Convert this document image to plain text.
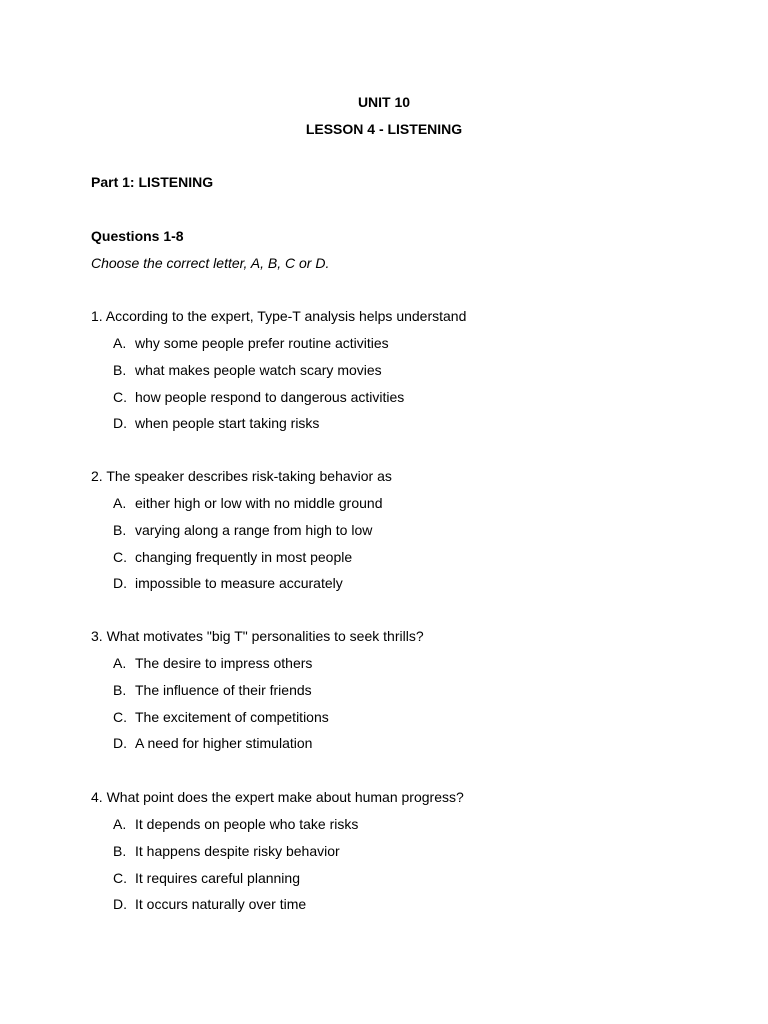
UNIT 10
LESSON 4 - LISTENING
Part 1: LISTENING
Questions 1-8
Choose the correct letter, A, B, C or D.
1. According to the expert, Type-T analysis helps understand
A. why some people prefer routine activities
B. what makes people watch scary movies
C. how people respond to dangerous activities
D. when people start taking risks
2. The speaker describes risk-taking behavior as
A. either high or low with no middle ground
B. varying along a range from high to low
C. changing frequently in most people
D. impossible to measure accurately
3. What motivates "big T" personalities to seek thrills?
A. The desire to impress others
B. The influence of their friends
C. The excitement of competitions
D. A need for higher stimulation
4. What point does the expert make about human progress?
A. It depends on people who take risks
B. It happens despite risky behavior
C. It requires careful planning
D. It occurs naturally over time
